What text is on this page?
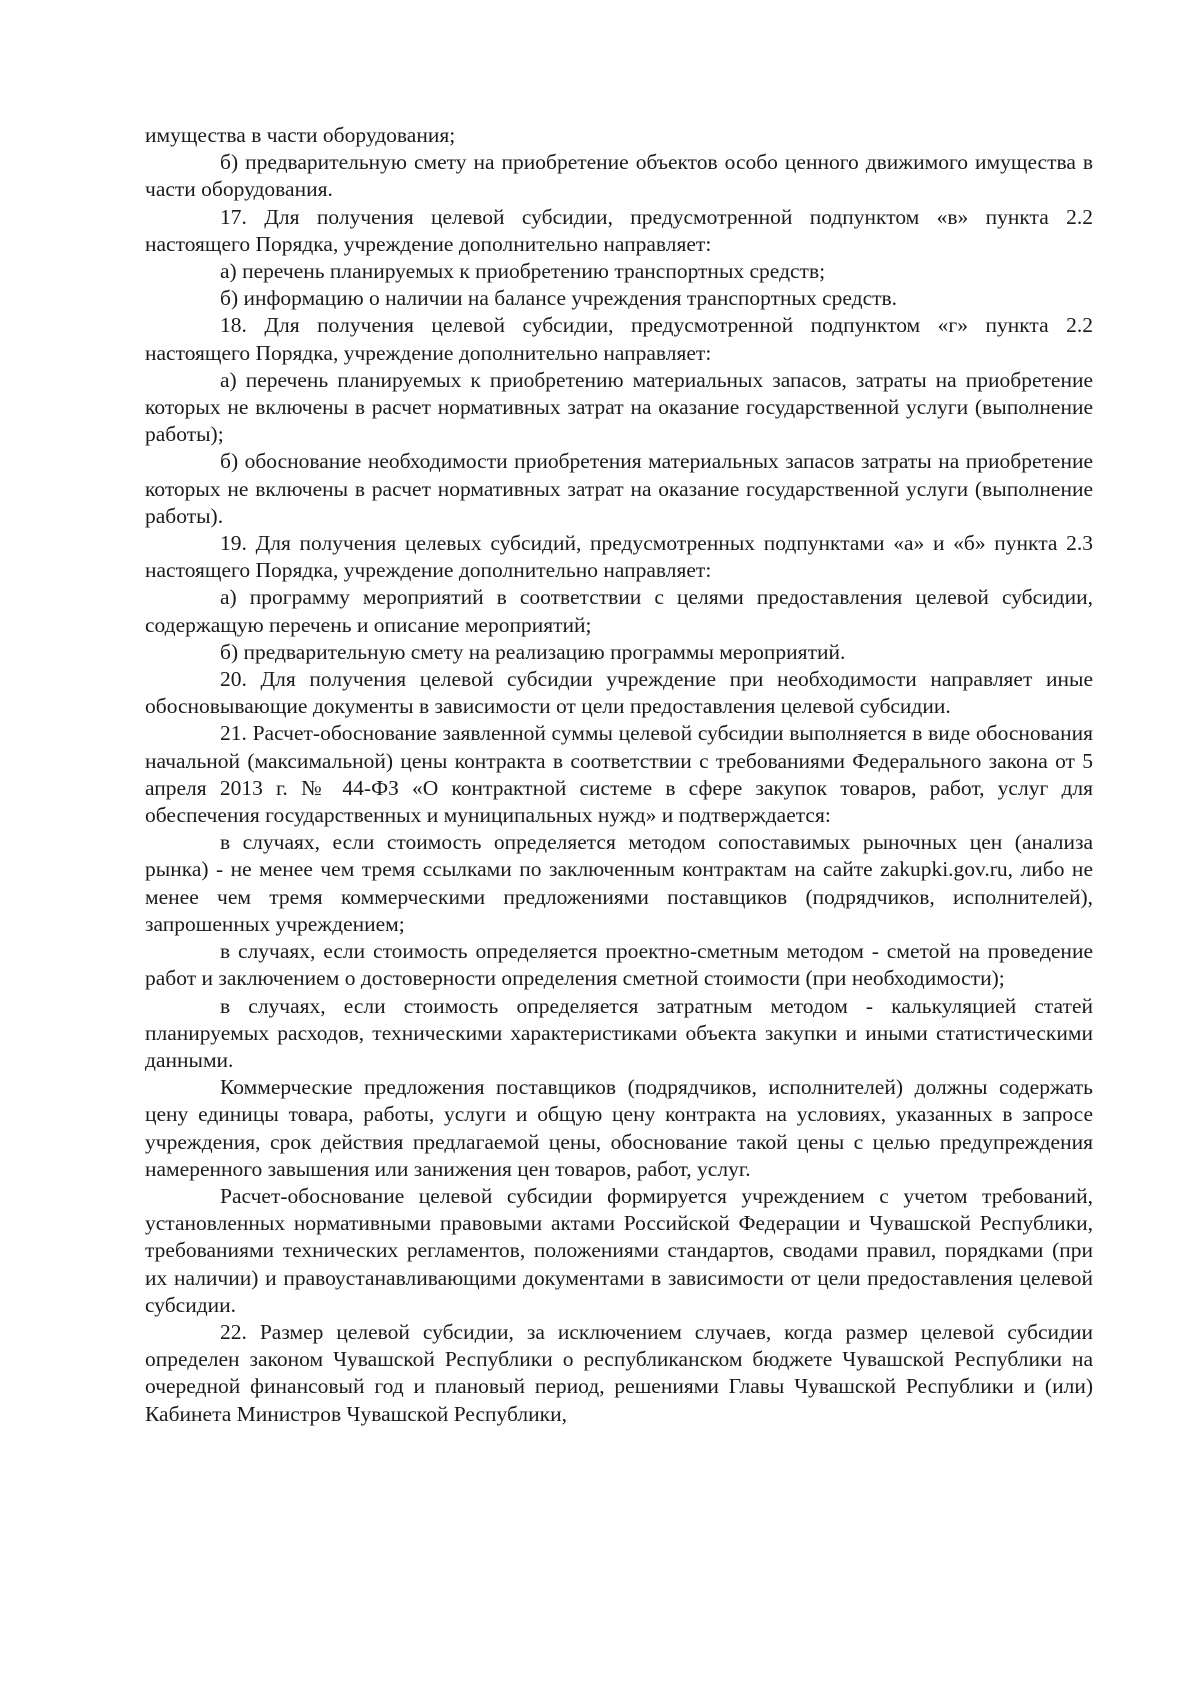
имущества в части оборудования;

б) предварительную смету на приобретение объектов особо ценного движимого имущества в части оборудования.

17. Для получения целевой субсидии, предусмотренной подпунктом «в» пункта 2.2 настоящего Порядка, учреждение дополнительно направляет:

а) перечень планируемых к приобретению транспортных средств;

б) информацию о наличии на балансе учреждения транспортных средств.

18. Для получения целевой субсидии, предусмотренной подпунктом «г» пункта 2.2 настоящего Порядка, учреждение дополнительно направляет:

а) перечень планируемых к приобретению материальных запасов, затраты на приобретение которых не включены в расчет нормативных затрат на оказание государственной услуги (выполнение работы);

б) обоснование необходимости приобретения материальных запасов затраты на приобретение которых не включены в расчет нормативных затрат на оказание государственной услуги (выполнение работы).

19. Для получения целевых субсидий, предусмотренных подпунктами «а» и «б» пункта 2.3 настоящего Порядка, учреждение дополнительно направляет:

а) программу мероприятий в соответствии с целями предоставления целевой субсидии, содержащую перечень и описание мероприятий;

б) предварительную смету на реализацию программы мероприятий.

20. Для получения целевой субсидии учреждение при необходимости направляет иные обосновывающие документы в зависимости от цели предоставления целевой субсидии.

21. Расчет-обоснование заявленной суммы целевой субсидии выполняется в виде обоснования начальной (максимальной) цены контракта в соответствии с требованиями Федерального закона от 5 апреля 2013 г. № 44-ФЗ «О контрактной системе в сфере закупок товаров, работ, услуг для обеспечения государственных и муниципальных нужд» и подтверждается:

в случаях, если стоимость определяется методом сопоставимых рыночных цен (анализа рынка) - не менее чем тремя ссылками по заключенным контрактам на сайте zakupki.gov.ru, либо не менее чем тремя коммерческими предложениями поставщиков (подрядчиков, исполнителей), запрошенных учреждением;

в случаях, если стоимость определяется проектно-сметным методом - сметой на проведение работ и заключением о достоверности определения сметной стоимости (при необходимости);

в случаях, если стоимость определяется затратным методом - калькуляцией статей планируемых расходов, техническими характеристиками объекта закупки и иными статистическими данными.

Коммерческие предложения поставщиков (подрядчиков, исполнителей) должны содержать цену единицы товара, работы, услуги и общую цену контракта на условиях, указанных в запросе учреждения, срок действия предлагаемой цены, обоснование такой цены с целью предупреждения намеренного завышения или занижения цен товаров, работ, услуг.

Расчет-обоснование целевой субсидии формируется учреждением с учетом требований, установленных нормативными правовыми актами Российской Федерации и Чувашской Республики, требованиями технических регламентов, положениями стандартов, сводами правил, порядками (при их наличии) и правоустанавливающими документами в зависимости от цели предоставления целевой субсидии.

22. Размер целевой субсидии, за исключением случаев, когда размер целевой субсидии определен законом Чувашской Республики о республиканском бюджете Чувашской Республики на очередной финансовый год и плановый период, решениями Главы Чувашской Республики и (или) Кабинета Министров Чувашской Республики,
